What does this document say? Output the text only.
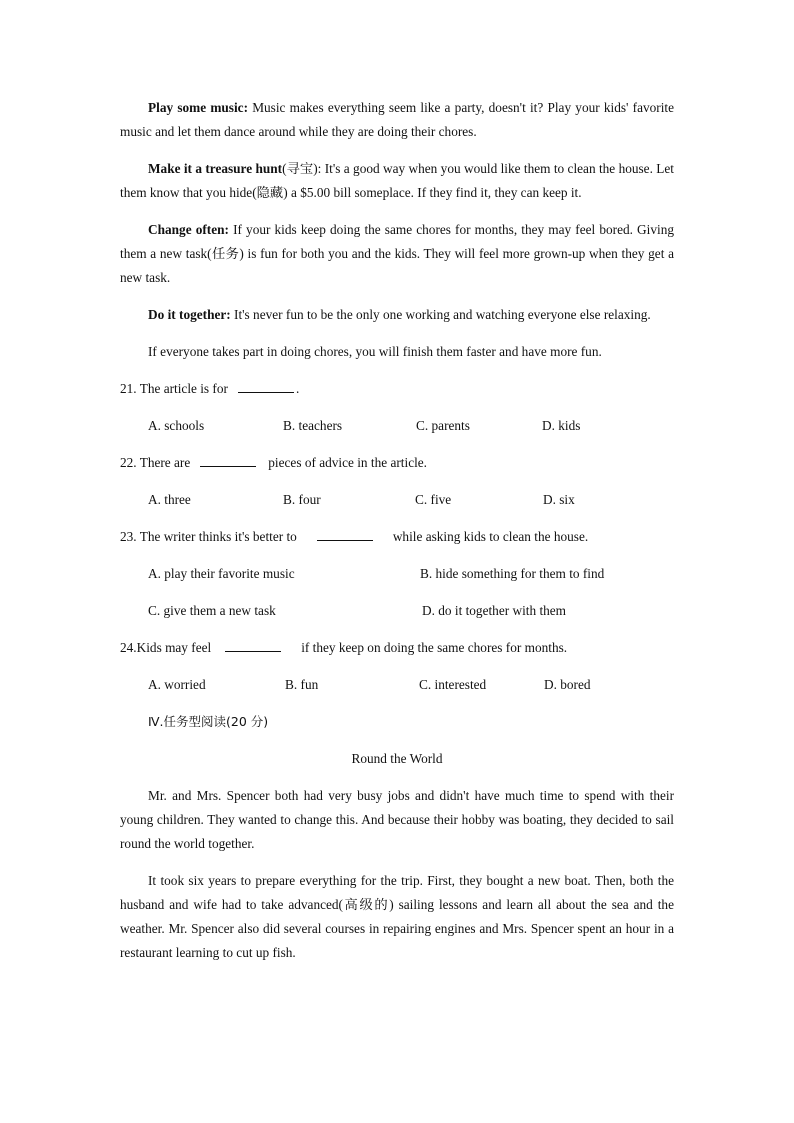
Play some music: Music makes everything seem like a party, doesn't it? Play your kids' favorite music and let them dance around while they are doing their chores.

Make it a treasure hunt(寻宝): It's a good way when you would like them to clean the house. Let them know that you hide(隐藏) a $5.00 bill someplace. If they find it, they can keep it.

Change often: If your kids keep doing the same chores for months, they may feel bored. Giving them a new task(任务) is fun for both you and the kids. They will feel more grown-up when they get a new task.

Do it together: It's never fun to be the only one working and watching everyone else relaxing.

If everyone takes part in doing chores, you will finish them faster and have more fun.

21. The article is for	.

A. schools	B. teachers	C. parents	D. kids

22. There are	pieces of advice in the article.

A. three	B. four	C. five	D. six

23. The writer thinks it's better to	while asking kids to clean the house.

A. play their favorite music	B. hide something for them to find
C. give them a new task	D. do it together with them

24.Kids may feel	if they keep on doing the same chores for months.

A. worried	B. fun	C. interested	D. bored
Ⅳ.任务型阅读(20 分)
Round the World

Mr. and Mrs. Spencer both had very busy jobs and didn't have much time to spend with their young children. They wanted to change this. And because their hobby was boating, they decided to sail round the world together.

It took six years to prepare everything for the trip. First, they bought a new boat. Then, both the husband and wife had to take advanced(高级的) sailing lessons and learn all about the sea and the weather. Mr. Spencer also did several courses in repairing engines and Mrs. Spencer spent an hour in a restaurant learning to cut up fish.
